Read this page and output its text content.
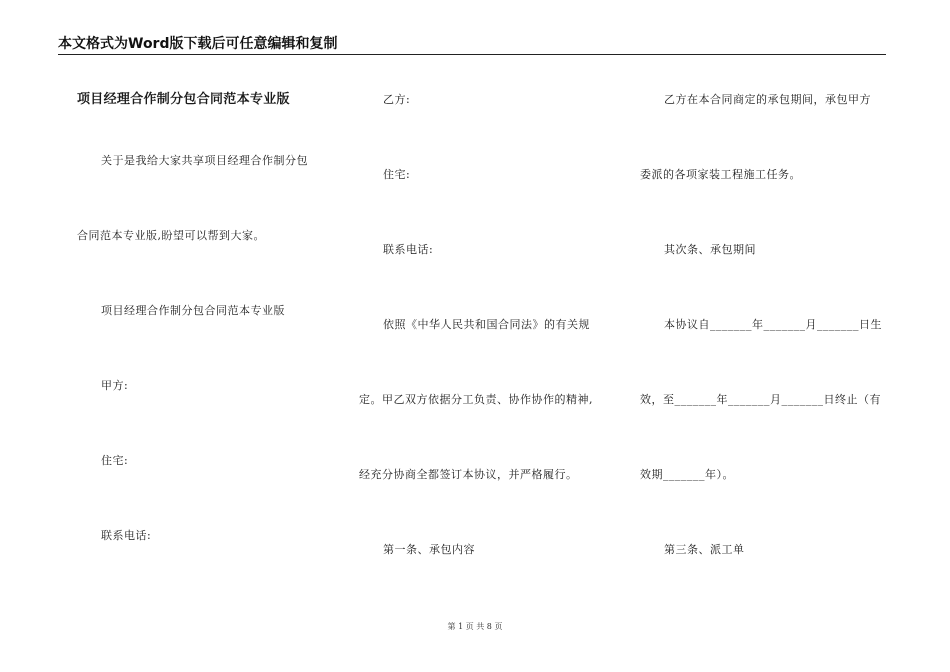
本文格式为Word版下载后可任意编辑和复制
项目经理合作制分包合同范本专业版
关于是我给大家共享项目经理合作制分包
合同范本专业版,盼望可以帮到大家。
项目经理合作制分包合同范本专业版
甲方:
住宅:
联系电话:
乙方:
住宅:
联系电话:
依照《中华人民共和国合同法》的有关规
定。甲乙双方依据分工负责、协作协作的精神,
经充分协商全都签订本协议，并严格履行。
第一条、承包内容
乙方在本合同商定的承包期间，承包甲方
委派的各项家装工程施工任务。
其次条、承包期间
本协议自_______年_______月_______日生
效，至_______年_______月_______日终止（有
效期_______年）。
第三条、派工单
第 1 页 共 8 页
